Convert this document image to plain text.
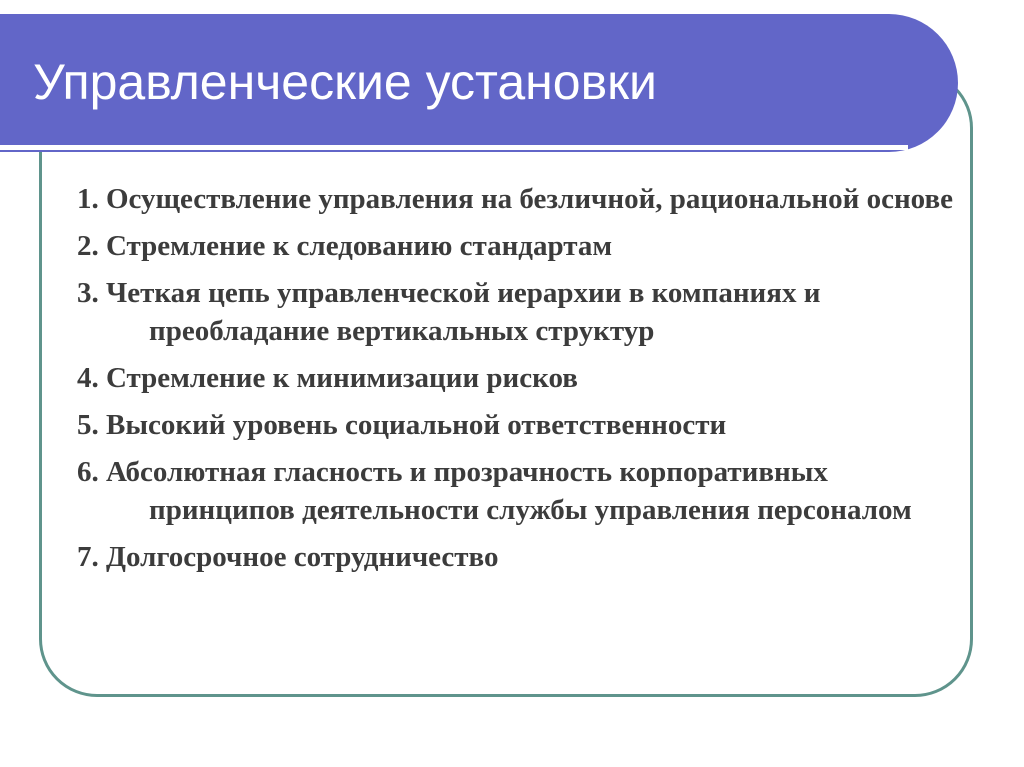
Управленческие установки
1. Осуществление управления на безличной, рациональной основе
2. Стремление к следованию стандартам
3. Четкая цепь управленческой иерархии в компаниях и преобладание вертикальных структур
4. Стремление к минимизации рисков
5. Высокий уровень социальной ответственности
6. Абсолютная гласность и прозрачность корпоративных принципов деятельности службы управления персоналом
7. Долгосрочное сотрудничество
